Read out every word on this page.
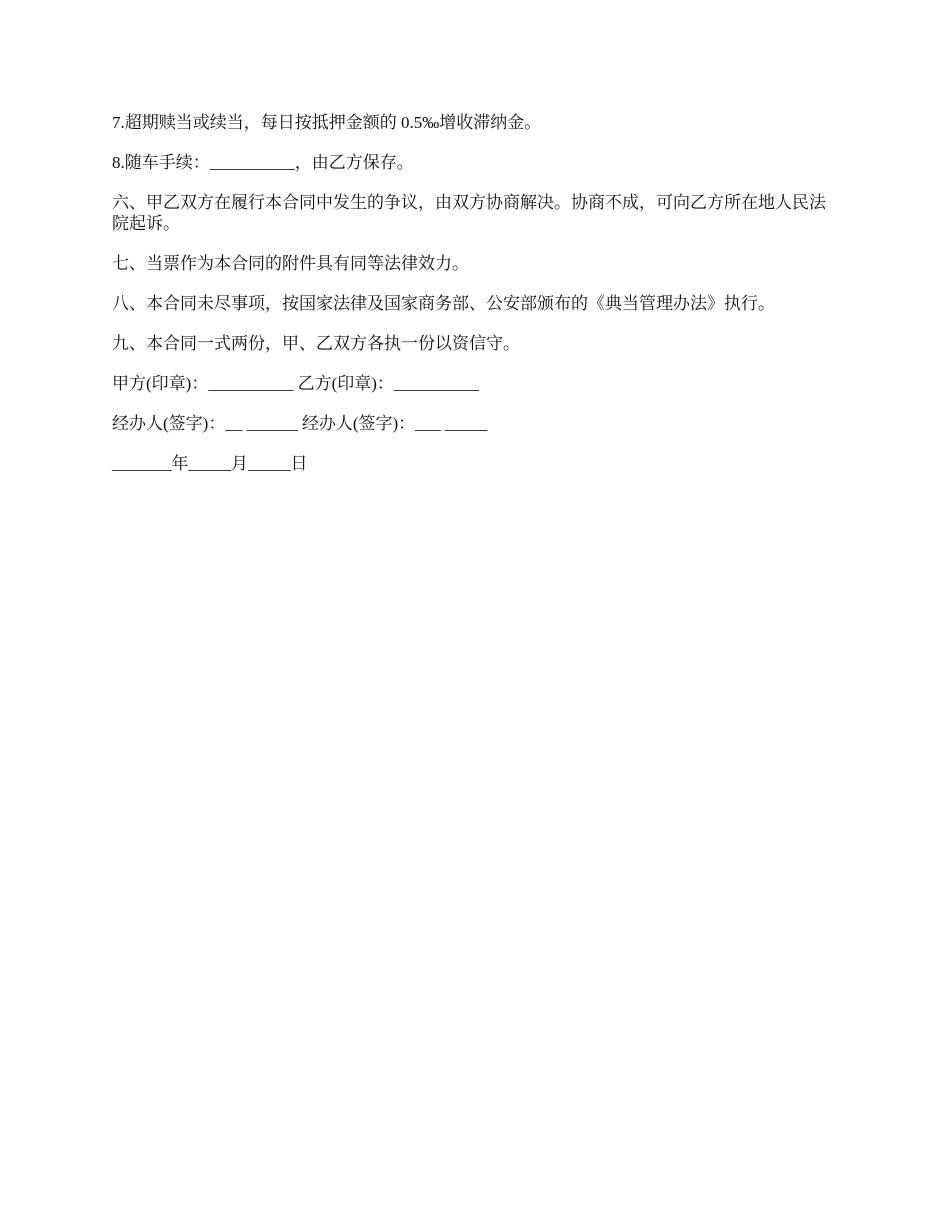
7.超期赎当或续当，每日按抵押金额的 0.5‰增收滞纳金。

8.随车手续：__________，由乙方保存。

六、甲乙双方在履行本合同中发生的争议，由双方协商解决。协商不成，可向乙方所在地人民法院起诉。

七、当票作为本合同的附件具有同等法律效力。

八、本合同未尽事项，按国家法律及国家商务部、公安部颁布的《典当管理办法》执行。

九、本合同一式两份，甲、乙双方各执一份以资信守。

甲方(印章)：__________ 乙方(印章)：__________

经办人(签字)：__ ______ 经办人(签字)：___ _____

_______年_____月_____日
